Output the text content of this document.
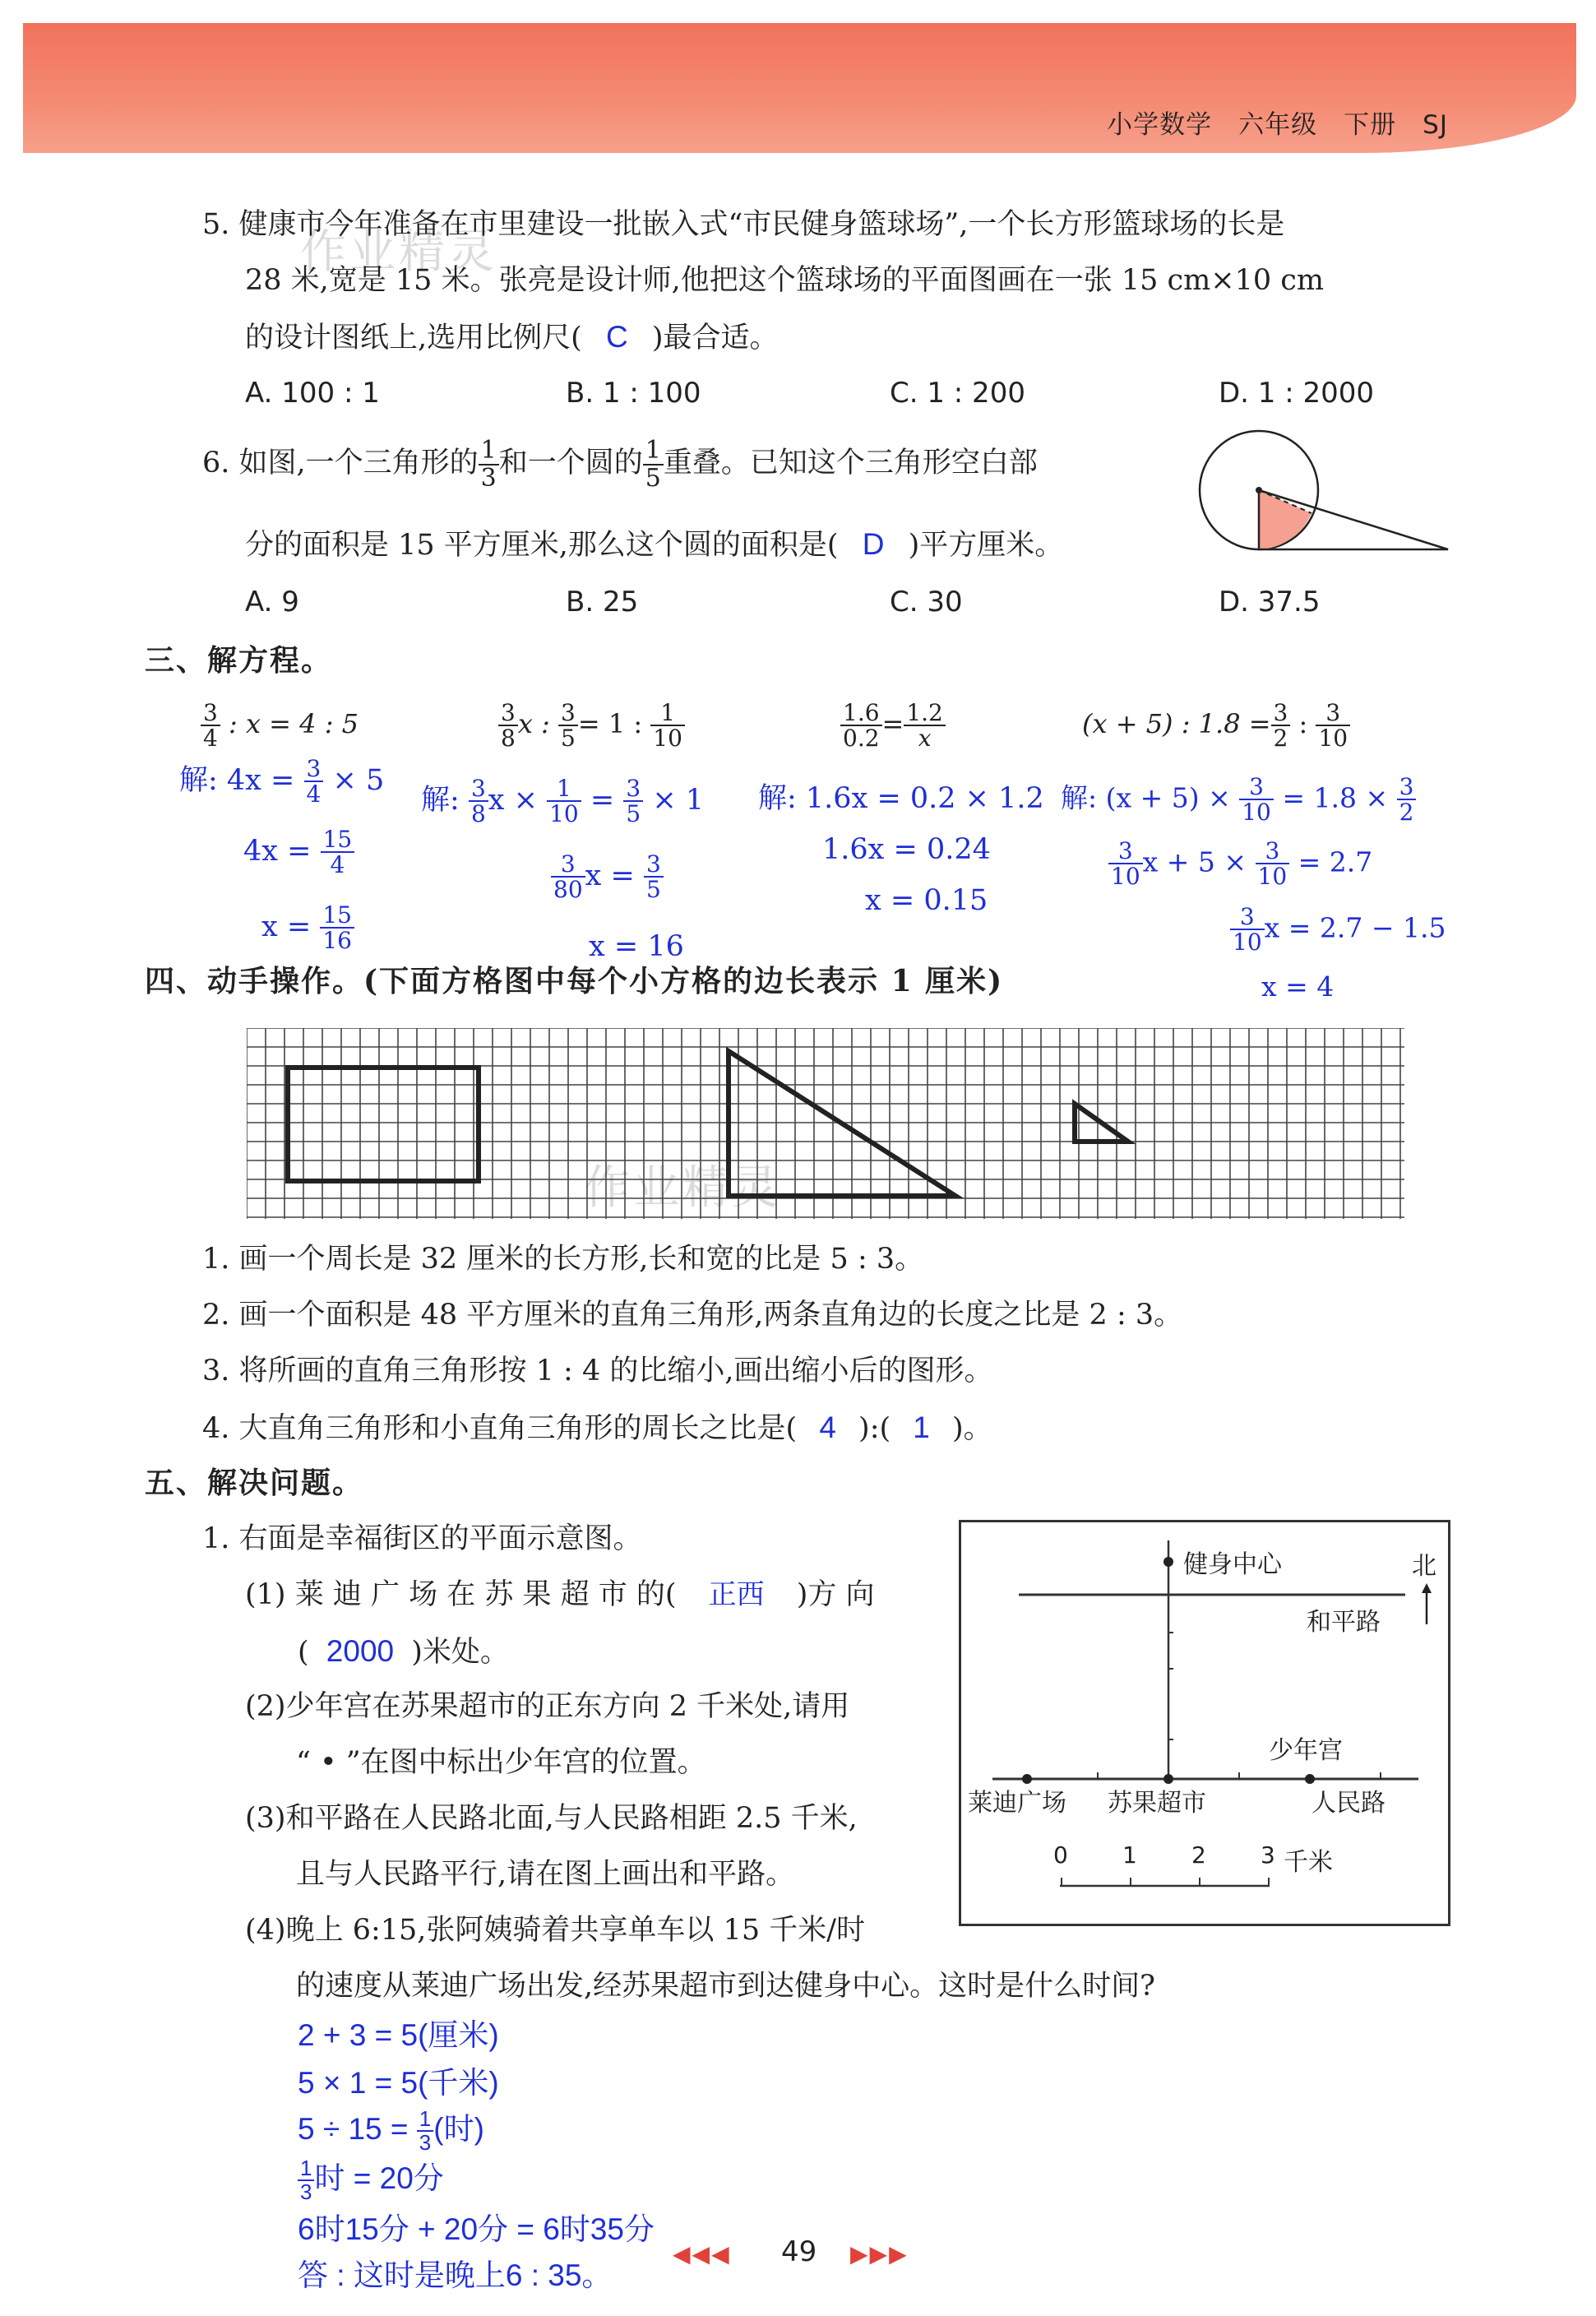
小学数学　六年级　下册　SJ
作业精灵
作业精灵
5. 健康市今年准备在市里建设一批嵌入式“市民健身篮球场”,一个长方形篮球场的长是
28 米,宽是 15 米。张亮是设计师,他把这个篮球场的平面图画在一张 15 cm×10 cm
的设计图纸上,选用比例尺( C )最合适。
A. 100 : 1	B. 1 : 100	C. 1 : 200	D. 1 : 2000
6. 如图,一个三角形的 $\frac{1}{3}$ 和一个圆的 $\frac{1}{5}$ 重叠。已知这个三角形空白部
分的面积是 15 平方厘米,那么这个圆的面积是( D )平方厘米。
A. 9	B. 25	C. 30	D. 37.5
三、解方程。
$\frac{3}{4}$ : x = 4 : 5
解: $4x = \frac{3}{4} \times 5$
$4x = \frac{15}{4}$
$x = \frac{15}{16}$
$\frac{3}{8}$ x : $\frac{3}{5} = 1$ : $\frac{1}{10}$
解: $\frac{3}{8}$ $x \times \frac{1}{10} = \frac{3}{5} \times 1$
$\frac{3}{80}$ $x = \frac{3}{5}$
x = 16
$\frac{1.6}{0.2} = \frac{1.2}{x}$
解: 1.6x = 0.2 × 1.2
1.6x = 0.24
x = 0.15
(x + 5) : $1.8 = \frac{3}{2}$ : $\frac{3}{10}$
解: $(x + 5) \times \frac{3}{10} = 1.8 \times \frac{3}{2}$
$\frac{3}{10}$ $x + 5 \times \frac{3}{10} = 2.7$
$\frac{3}{10}$ x = 2.7 − 1.5
x = 4
四、动手操作。(下面方格图中每个小方格的边长表示 1 厘米)
1. 画一个周长是 32 厘米的长方形,长和宽的比是 5 : 3。
2. 画一个面积是 48 平方厘米的直角三角形,两条直角边的长度之比是 2 : 3。
3. 将所画的直角三角形按 1 : 4 的比缩小,画出缩小后的图形。
4. 大直角三角形和小直角三角形的周长之比是( 4 ):( 1 )。
五、解决问题。
1. 右面是幸福街区的平面示意图。
(1) 莱 迪 广 场 在 苏 果 超 市 的( 正西 )方 向
( 2000 )米处。
(2)少年宫在苏果超市的正东方向 2 千米处,请用
“ • ”在图中标出少年宫的位置。
(3)和平路在人民路北面,与人民路相距 2.5 千米,
且与人民路平行,请在图上画出和平路。
(4)晚上 6:15,张阿姨骑着共享单车以 15 千米/时
的速度从莱迪广场出发,经苏果超市到达健身中心。这时是什么时间?
健身中心	北
和平路
少年宫
莱迪广场 苏果超市	人民路
0 1 2 3 千米
2 + 3 = 5(厘米)
5 × 1 = 5(千米)
$5 \div 15 = \frac{1}{3}$ (时)
$\frac{1}{3}$ 时 = 20分
6时15分 + 20分 = 6时35分
答 : 这时是晚上6 : 35。
◀◀◀ 49 ▶▶▶
